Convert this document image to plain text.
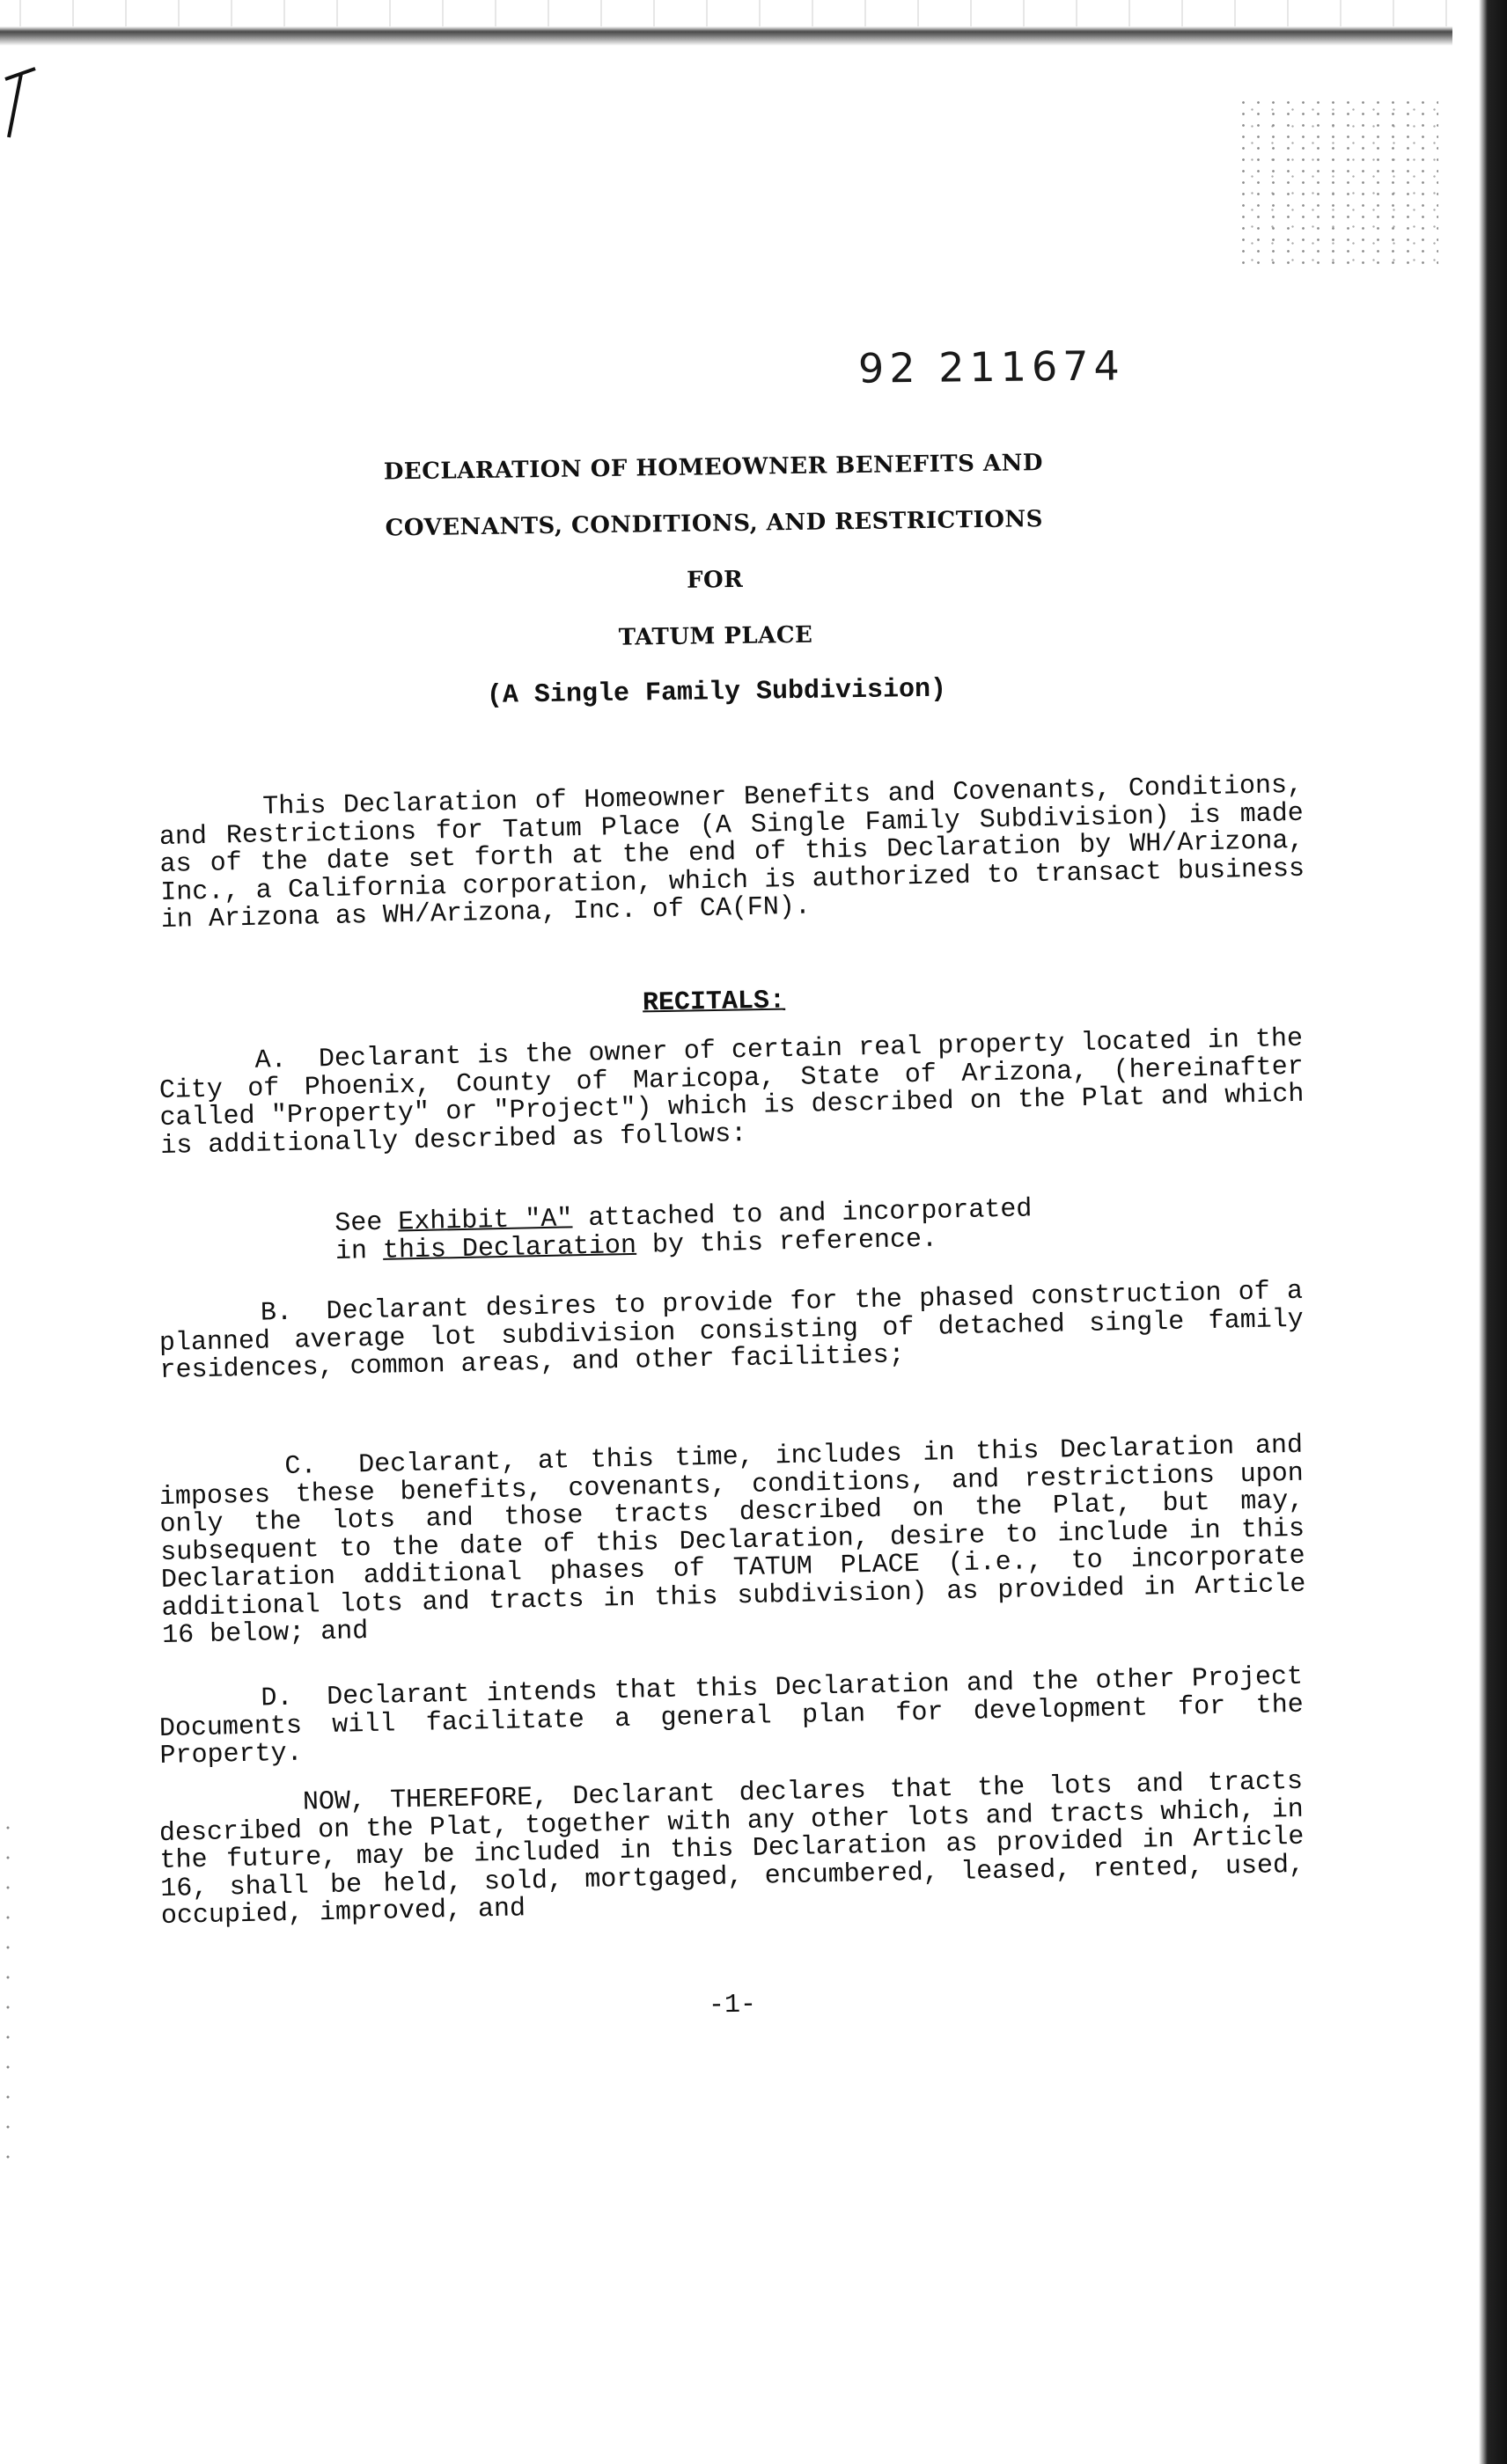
92 211674
DECLARATION OF HOMEOWNER BENEFITS AND
COVENANTS, CONDITIONS, AND RESTRICTIONS
FOR
TATUM PLACE
(A Single Family Subdivision)

This Declaration of Homeowner Benefits and Covenants, Conditions, and Restrictions for Tatum Place (A Single Family Subdivision) is made as of the date set forth at the end of this Declaration by WH/Arizona, Inc., a California corporation, which is authorized to transact business in Arizona as WH/Arizona, Inc. of CA(FN).

RECITALS:

A.  Declarant is the owner of certain real property located in the City of Phoenix, County of Maricopa, State of Arizona, (hereinafter called "Property" or "Project") which is described on the Plat and which is additionally described as follows:

See Exhibit "A" attached to and incorporated
in this Declaration by this reference.

B.  Declarant desires to provide for the phased construction of a planned average lot subdivision consisting of detached single family residences, common areas, and other facilities;

C.  Declarant, at this time, includes in this Declaration and imposes these benefits, covenants, conditions, and restrictions upon only the lots and those tracts described on the Plat, but may, subsequent to the date of this Declaration, desire to include in this Declaration additional phases of TATUM PLACE (i.e., to incorporate additional lots and tracts in this subdivision) as provided in Article 16 below; and

D.  Declarant intends that this Declaration and the other Project Documents will facilitate a general plan for development for the Property.

NOW, THEREFORE, Declarant declares that the lots and tracts described on the Plat, together with any other lots and tracts which, in the future, may be included in this Declaration as provided in Article 16, shall be held, sold, mortgaged, encumbered, leased, rented, used, occupied, improved, and

-1-
